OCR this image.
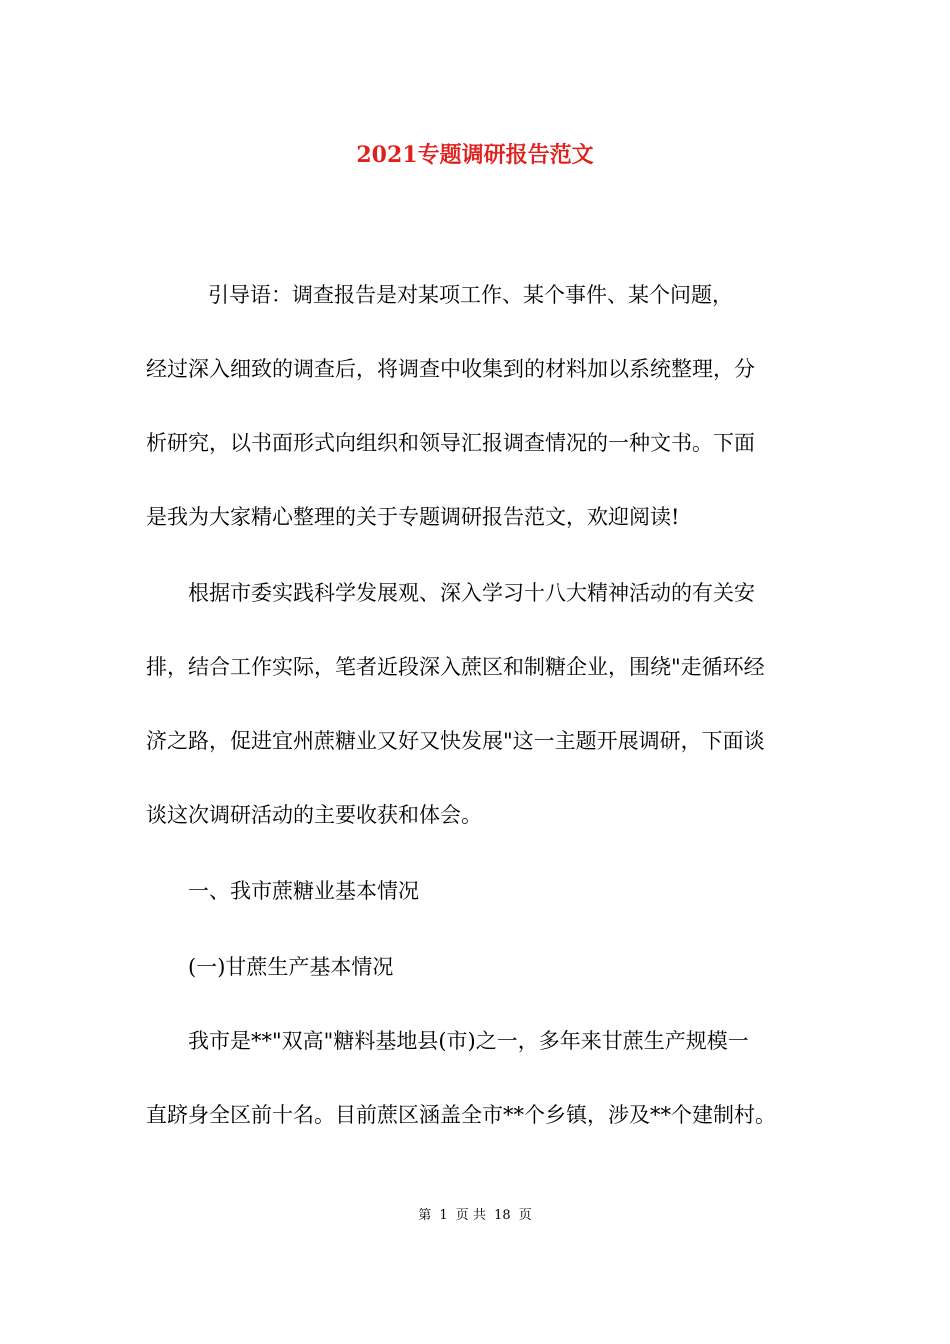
2021专题调研报告范文
引导语：调查报告是对某项工作、某个事件、某个问题，
经过深入细致的调查后，将调查中收集到的材料加以系统整理，分
析研究，以书面形式向组织和领导汇报调查情况的一种文书。下面
是我为大家精心整理的关于专题调研报告范文，欢迎阅读!
根据市委实践科学发展观、深入学习十八大精神活动的有关安
排，结合工作实际，笔者近段深入蔗区和制糖企业，围绕"走循环经
济之路，促进宜州蔗糖业又好又快发展"这一主题开展调研，下面谈
谈这次调研活动的主要收获和体会。
一、我市蔗糖业基本情况
(一)甘蔗生产基本情况
我市是**"双高"糖料基地县(市)之一，多年来甘蔗生产规模一
直跻身全区前十名。目前蔗区涵盖全市**个乡镇，涉及**个建制村。
第 1 页 共 18 页
